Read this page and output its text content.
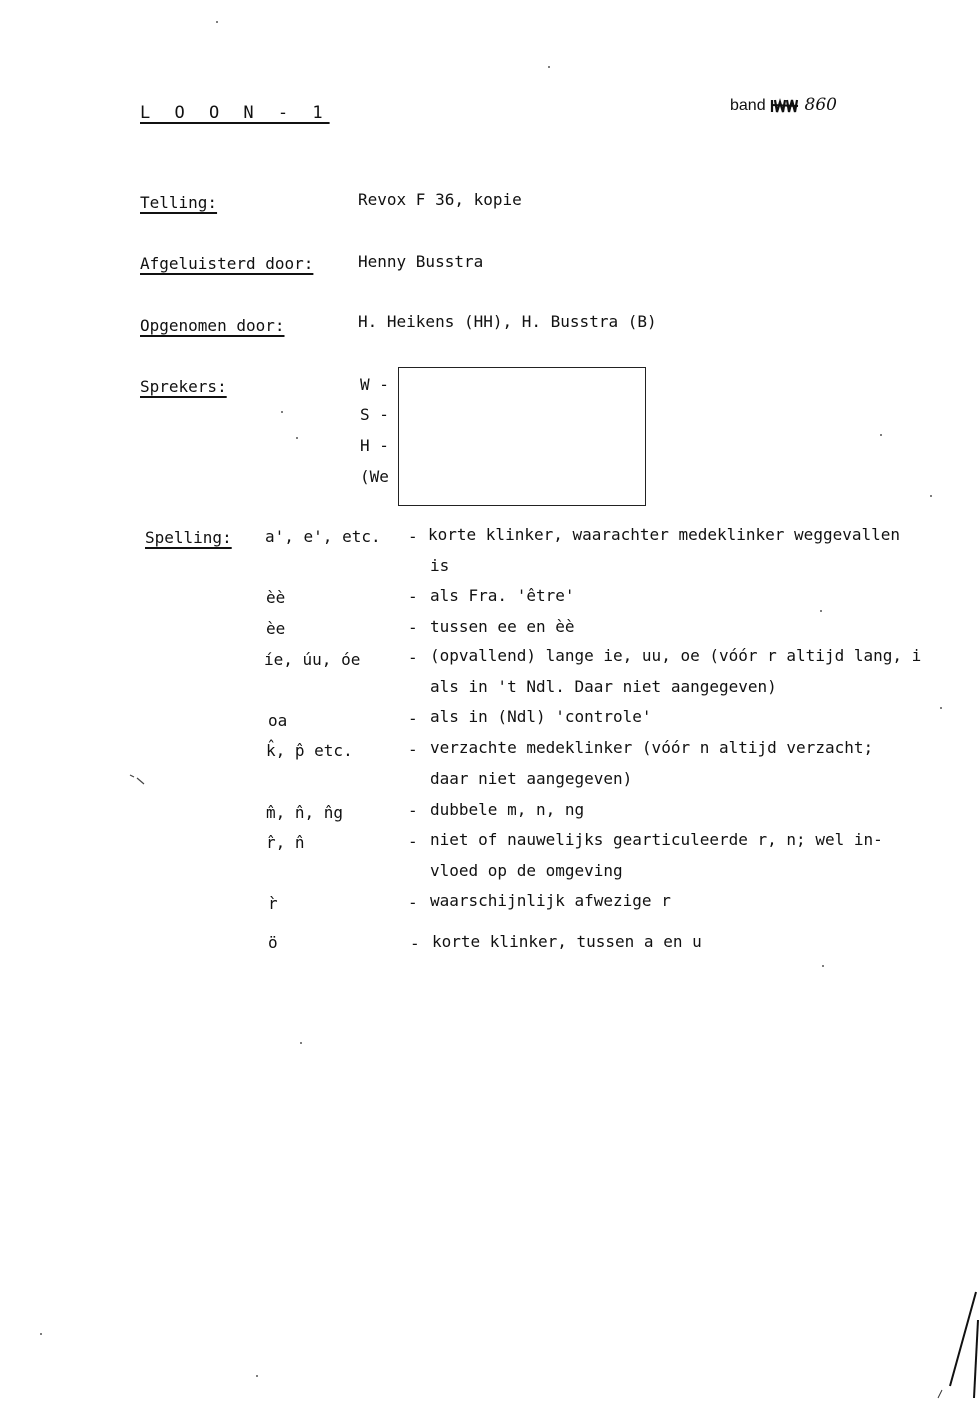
L O O N - 1	band 860
Telling:	Revox F 36, kopie
Afgeluisterd door:	Henny Busstra
Opgenomen door:	H. Heikens (HH), H. Busstra (B)
Sprekers:	W -
S -
H -
(We
Spelling: a', e', etc. - korte klinker, waarachter medeklinker weggevallen
is
èè	- als Fra. 'être'
èe	- tussen ee en èè
íe, úu, óe	- (opvallend) lange ie, uu, oe (vóór r altijd lang, i
als in 't Ndl. Daar niet aangegeven)
oa	- als in (Ndl) 'controle'
k̂, p̂ etc.	- verzachte medeklinker (vóór n altijd verzacht;
daar niet aangegeven)
m̂, n̂, n̂g	- dubbele m, n, ng
r̂, n̂	- niet of nauwelijks gearticuleerde r, n; wel in-
vloed op de omgeving
r̀	- waarschijnlijk afwezige r
ö	- korte klinker, tussen a en u
